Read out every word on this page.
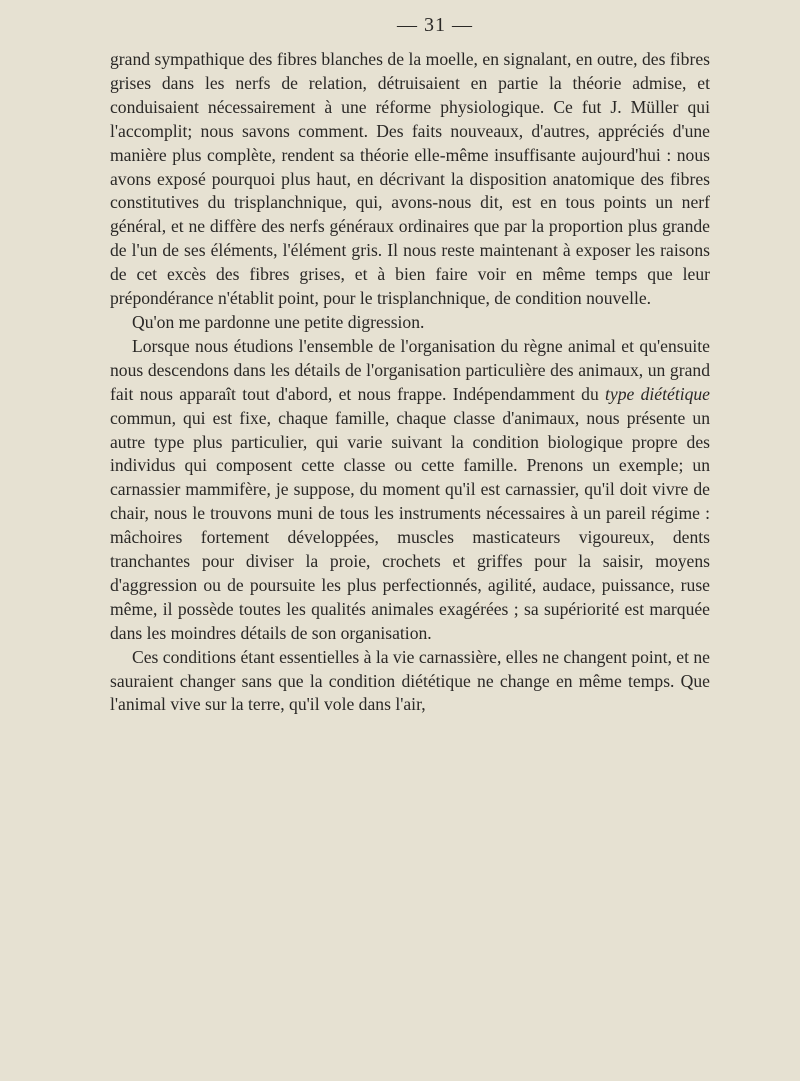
— 31 —

grand sympathique des fibres blanches de la moelle, en signalant, en outre, des fibres grises dans les nerfs de relation, détruisaient en partie la théorie admise, et conduisaient nécessairement à une réforme physiologique. Ce fut J. Müller qui l'accomplit; nous savons comment. Des faits nouveaux, d'autres, appréciés d'une manière plus complète, rendent sa théorie elle-même insuffisante aujourd'hui : nous avons exposé pourquoi plus haut, en décrivant la disposition anatomique des fibres constitutives du trisplanchnique, qui, avons-nous dit, est en tous points un nerf général, et ne diffère des nerfs généraux ordinaires que par la proportion plus grande de l'un de ses éléments, l'élément gris. Il nous reste maintenant à exposer les raisons de cet excès des fibres grises, et à bien faire voir en même temps que leur prépondérance n'établit point, pour le trisplanchnique, de condition nouvelle.

Qu'on me pardonne une petite digression.

Lorsque nous étudions l'ensemble de l'organisation du règne animal et qu'ensuite nous descendons dans les détails de l'organisation particulière des animaux, un grand fait nous apparaît tout d'abord, et nous frappe. Indépendamment du type diététique commun, qui est fixe, chaque famille, chaque classe d'animaux, nous présente un autre type plus particulier, qui varie suivant la condition biologique propre des individus qui composent cette classe ou cette famille. Prenons un exemple; un carnassier mammifère, je suppose, du moment qu'il est carnassier, qu'il doit vivre de chair, nous le trouvons muni de tous les instruments nécessaires à un pareil régime : mâchoires fortement développées, muscles masticateurs vigoureux, dents tranchantes pour diviser la proie, crochets et griffes pour la saisir, moyens d'aggression ou de poursuite les plus perfectionnés, agilité, audace, puissance, ruse même, il possède toutes les qualités animales exagérées ; sa supériorité est marquée dans les moindres détails de son organisation.

Ces conditions étant essentielles à la vie carnassière, elles ne changent point, et ne sauraient changer sans que la condition diététique ne change en même temps. Que l'animal vive sur la terre, qu'il vole dans l'air,
